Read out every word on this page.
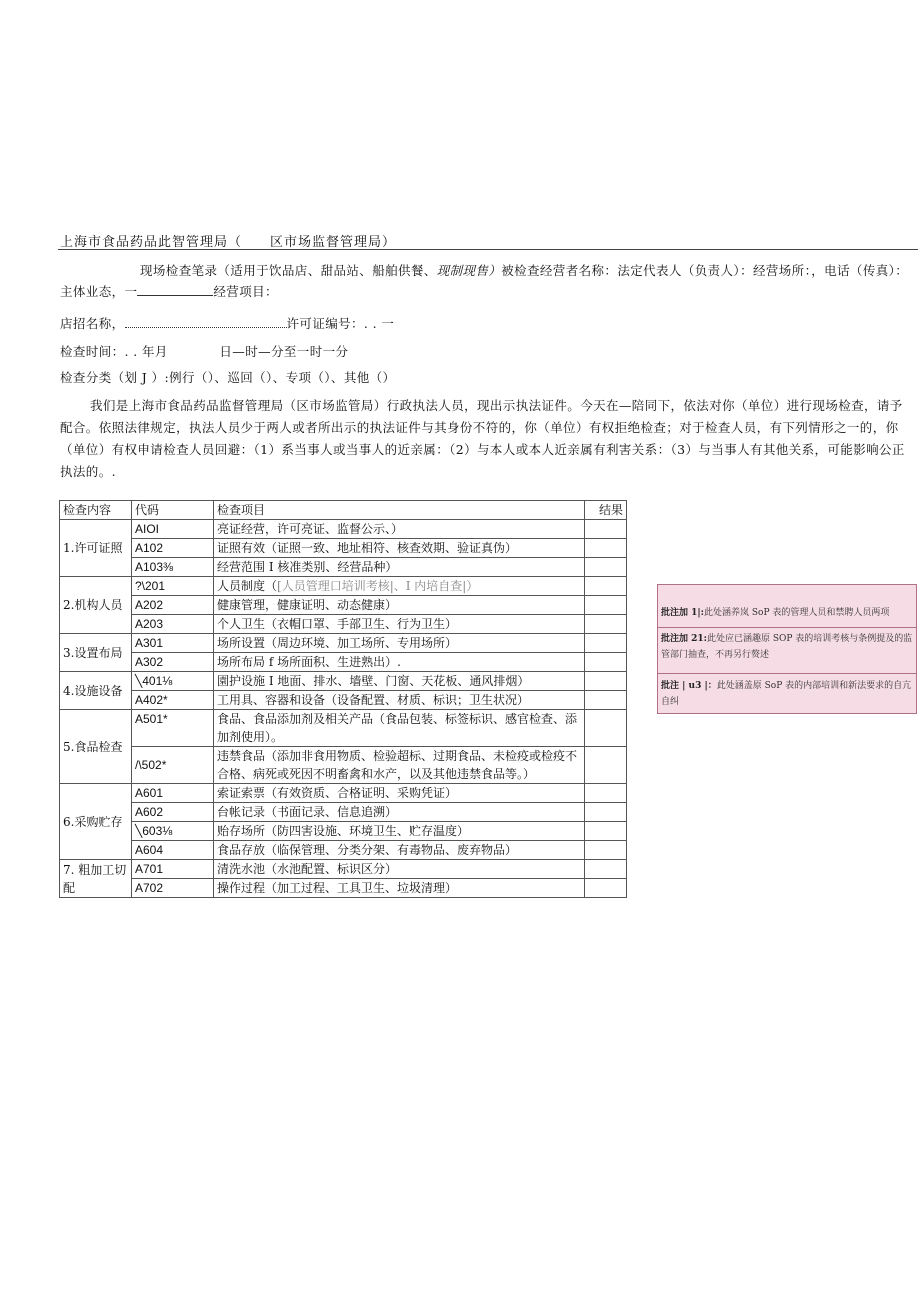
上海市食品药品此智管理局（ 区市场监督管理局）
现场检查笔录（适用于饮品店、甜品站、船舶供餐、现制现售）被检查经营者名称：法定代表人（负责人）：经营场所：，电话（传真）：主体业态，一	经营项目：
店招名称，	许可证编号：. . 一
检查时间：. . 年月　　　　日—时—分至一时一分
检查分类（划 J ）:例行（）、巡回（）、专项（）、其他（）
我们是上海市食品药品监督管理局（区市场监管局）行政执法人员，现出示执法证件。今天在—陪同下，依法对你（单位）进行现场检查，请予配合。依照法律规定，执法人员少于两人或者所出示的执法证件与其身份不符的，你（单位）有权拒绝检查；对于检查人员，有下列情形之一的，你（单位）有权申请检查人员回避：（1）系当事人或当事人的近亲属：（2）与本人或本人近亲属有利害关系：（3）与当事人有其他关系，可能影响公正执法的。.
检查内容	代码	检查项目	结果
1.许可证照	AIOI	亮证经营，许可亮证、监督公示、）	
	A102	证照有效（证照一致、地址相符、核查效期、验证真伪）	
	A103⅜	经营范围 I 核准类别、经营品种）	
2.机构人员	?\201	人员制度（[人员管理口培训考核|、I 内培自查|）	
	A202	健康管理，健康证明、动态健康）	
	A203	个人卫生（衣帽口罩、手部卫生、行为卫生）	
3.设置布局	A301	场所设置（周边环境、加工场所、专用场所）	
	A302	场所布局 f 场所面积、生进熟出）.	
4.设施设备	╲401⅛	園护设施 I 地面、排水、墙壁、门窗、天花板、通风排烟）	
	A402*	工用具、容器和设备（设备配置、材质、标识；卫生状况）	
5.食品检查	A501*	食品、食品添加剂及相关产品（食品包装、标签标识、感官检查、添加剂使用）。	
	/\502*	违禁食品（添加非食用物质、检验超标、过期食品、未检疫或检疫不合格、病死或死因不明畜禽和水产，以及其他违禁食品等。）	
6.采购贮存	A601	索证索票（有效资质、合格证明、采购凭证）	
	A602	台帐记录（书面记录、信息追溯）	
	╲603⅛	贻存场所（防四害设施、环境卫生、贮存温度）	
	A604	食品存放（临保管理、分类分架、有毒物品、废弃物品）	
7. 粗加工切配	A701	清洗水池（水池配置、标识区分）	
	A702	操作过程（加工过程、工具卫生、垃圾清理）	
批注加 1|:此处涵养岚 SoP 表的管理人员和禁聘人员两项
批注加 21:此处应已涵趣原 SOP 表的培训考核与条例提及的监管部门抽查，不再另行赘述
批注 | u3 |：此处涵盖原 SoP 表的内部培训和新法要求的自亢自纠
